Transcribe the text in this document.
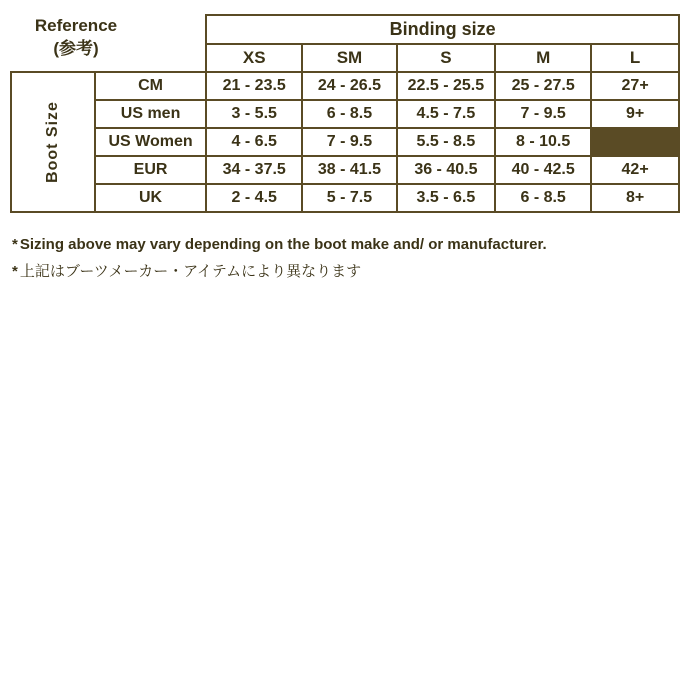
		Binding size				
		XS	SM	S	M	L

Boot Size	CM	21 - 23.5	24 - 26.5	22.5 - 25.5	25 - 27.5	27+
	US men	3 - 5.5	6 - 8.5	4.5 - 7.5	7 - 9.5	9+
	US Women	4 - 6.5	7 - 9.5	5.5 - 8.5	8 - 10.5	
	EUR	34 - 37.5	38 - 41.5	36 - 40.5	40 - 42.5	42+
	UK	2 - 4.5	5 - 7.5	3.5 - 6.5	6 - 8.5	8+
Reference
(参考)
* Sizing above may vary depending on the boot make and/ or manufacturer.
* 上記はブーツメーカー・アイテムにより異なります
